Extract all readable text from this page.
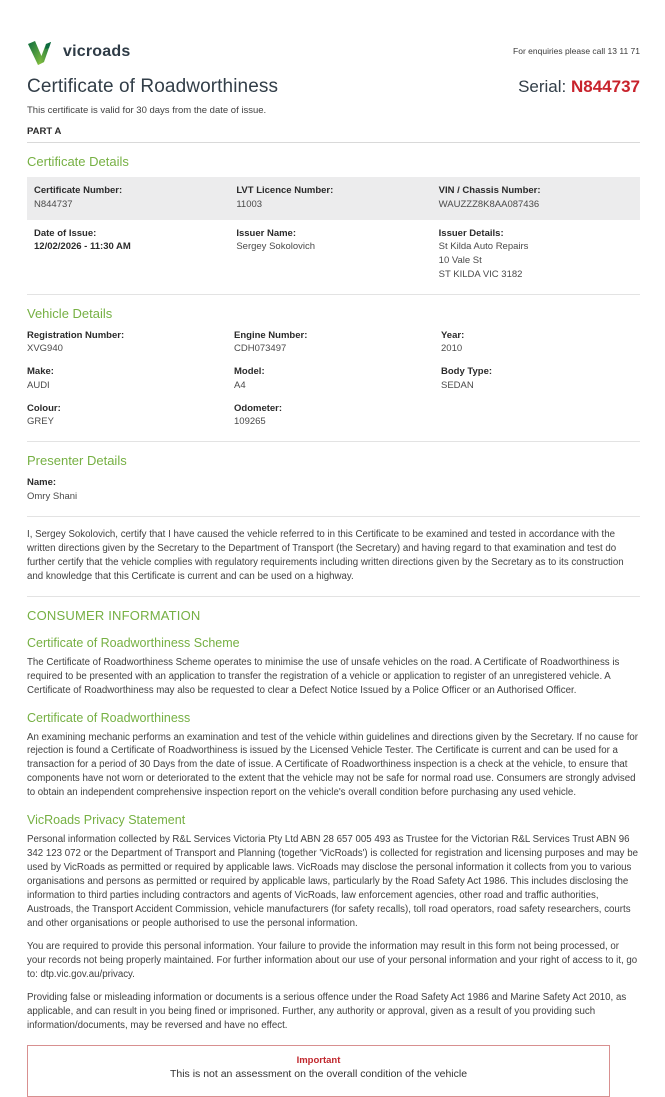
vicroads	For enquiries please call 13 11 71
Certificate of Roadworthiness	Serial: N844737
This certificate is valid for 30 days from the date of issue.
PART A
Certificate Details
Certificate Number:
N844737
LVT Licence Number:
11003
VIN / Chassis Number:
WAUZZZ8K8AA087436
Date of Issue:
12/02/2026 - 11:30 AM
Issuer Name:
Sergey Sokolovich
Issuer Details:
St Kilda Auto Repairs
10 Vale St
ST KILDA VIC 3182
Vehicle Details
Registration Number:
XVG940
Engine Number:
CDH073497
Year:
2010
Make:
AUDI
Model:
A4
Body Type:
SEDAN
Colour:
GREY
Odometer:
109265
Presenter Details
Name:
Omry Shani

I, Sergey Sokolovich, certify that I have caused the vehicle referred to in this Certificate to be examined and tested in accordance with the written directions given by the Secretary to the Department of Transport (the Secretary) and having regard to that examination and test do further certify that the vehicle complies with regulatory requirements including written directions given by the Secretary as to its construction and knowledge that this Certificate is current and can be used on a highway.

CONSUMER INFORMATION
Certificate of Roadworthiness Scheme

The Certificate of Roadworthiness Scheme operates to minimise the use of unsafe vehicles on the road. A Certificate of Roadworthiness is required to be presented with an application to transfer the registration of a vehicle or application to register of an unregistered vehicle. A Certificate of Roadworthiness may also be requested to clear a Defect Notice Issued by a Police Officer or an Authorised Officer.

Certificate of Roadworthiness

An examining mechanic performs an examination and test of the vehicle within guidelines and directions given by the Secretary. If no cause for rejection is found a Certificate of Roadworthiness is issued by the Licensed Vehicle Tester. The Certificate is current and can be used for a transaction for a period of 30 Days from the date of issue. A Certificate of Roadworthiness inspection is a check at the vehicle, to ensure that components have not worn or deteriorated to the extent that the vehicle may not be safe for normal road use. Consumers are strongly advised to obtain an independent comprehensive inspection report on the vehicle's overall condition before purchasing any used vehicle.

VicRoads Privacy Statement

Personal information collected by R&L Services Victoria Pty Ltd ABN 28 657 005 493 as Trustee for the Victorian R&L Services Trust ABN 96 342 123 072 or the Department of Transport and Planning (together 'VicRoads') is collected for registration and licensing purposes and may be used by VicRoads as permitted or required by applicable laws. VicRoads may disclose the personal information it collects from you to various organisations and persons as permitted or required by applicable laws, particularly by the Road Safety Act 1986. This includes disclosing the information to third parties including contractors and agents of VicRoads, law enforcement agencies, other road and traffic authorities, Austroads, the Transport Accident Commission, vehicle manufacturers (for safety recalls), toll road operators, road safety researchers, courts and other organisations or people authorised to use the personal information.

You are required to provide this personal information. Your failure to provide the information may result in this form not being processed, or your records not being properly maintained. For further information about our use of your personal information and your right of access to it, go to: dtp.vic.gov.au/privacy.

Providing false or misleading information or documents is a serious offence under the Road Safety Act 1986 and Marine Safety Act 2010, as applicable, and can result in you being fined or imprisoned. Further, any authority or approval, given as a result of you providing such information/documents, may be reversed and have no effect.

Important
This is not an assessment on the overall condition of the vehicle
